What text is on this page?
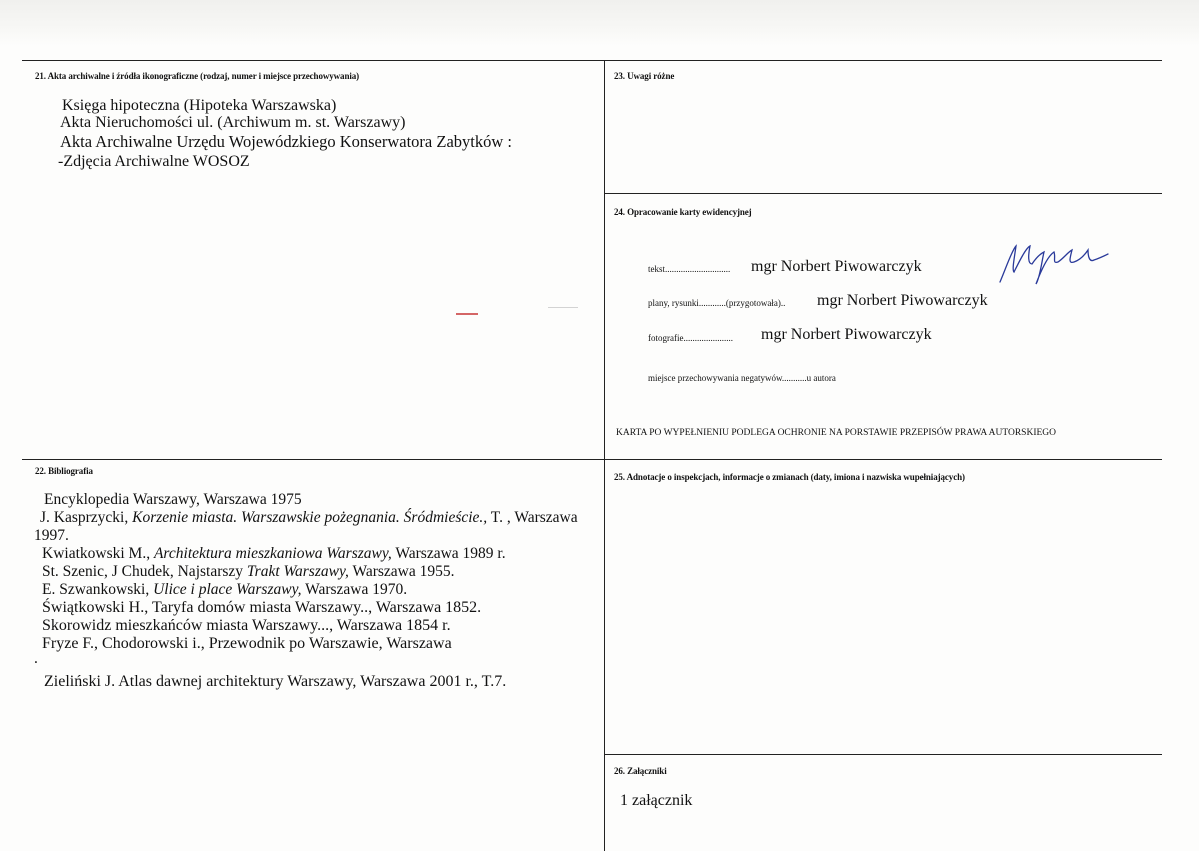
21. Akta archiwalne i źródła ikonograficzne (rodzaj, numer i miejsce przechowywania)
Księga hipoteczna (Hipoteka Warszawska)
Akta Nieruchomości ul. (Archiwum m. st. Warszawy)
Akta Archiwalne Urzędu Wojewódzkiego Konserwatora Zabytków :
-Zdjęcia Archiwalne WOSOZ
22. Bibliografia
Encyklopedia Warszawy, Warszawa 1975
J. Kasprzycki, Korzenie miasta. Warszawskie pożegnania. Śródmieście., T. , Warszawa 1997.
Kwiatkowski M., Architektura mieszkaniowa Warszawy, Warszawa 1989 r.
St. Szenic, J Chudek, Najstarszy Trakt Warszawy, Warszawa 1955.
E. Szwankowski, Ulice i place Warszawy, Warszawa 1970.
Świątkowski H., Taryfa domów miasta Warszawy.., Warszawa 1852.
Skorowidz mieszkańców miasta Warszawy..., Warszawa 1854 r.
Fryze F., Chodorowski i., Przewodnik po Warszawie, Warszawa
.
Zieliński J. Atlas dawnej architektury Warszawy, Warszawa 2001 r., T.7.
23. Uwagi różne
24. Opracowanie karty ewidencyjnej
tekst............................. mgr Norbert Piwowarczyk
plany, rysunki............(przygotowała).. mgr Norbert Piwowarczyk
fotografie...................... mgr Norbert Piwowarczyk
miejsce przechowywania negatywów...........u autora
KARTA PO WYPEŁNIENIU PODLEGA OCHRONIE NA PORSTAWIE PRZEPISÓW PRAWA AUTORSKIEGO
25. Adnotacje o inspekcjach, informacje o zmianach (daty, imiona i nazwiska wupełniających)
26. Załączniki
1 załącznik
